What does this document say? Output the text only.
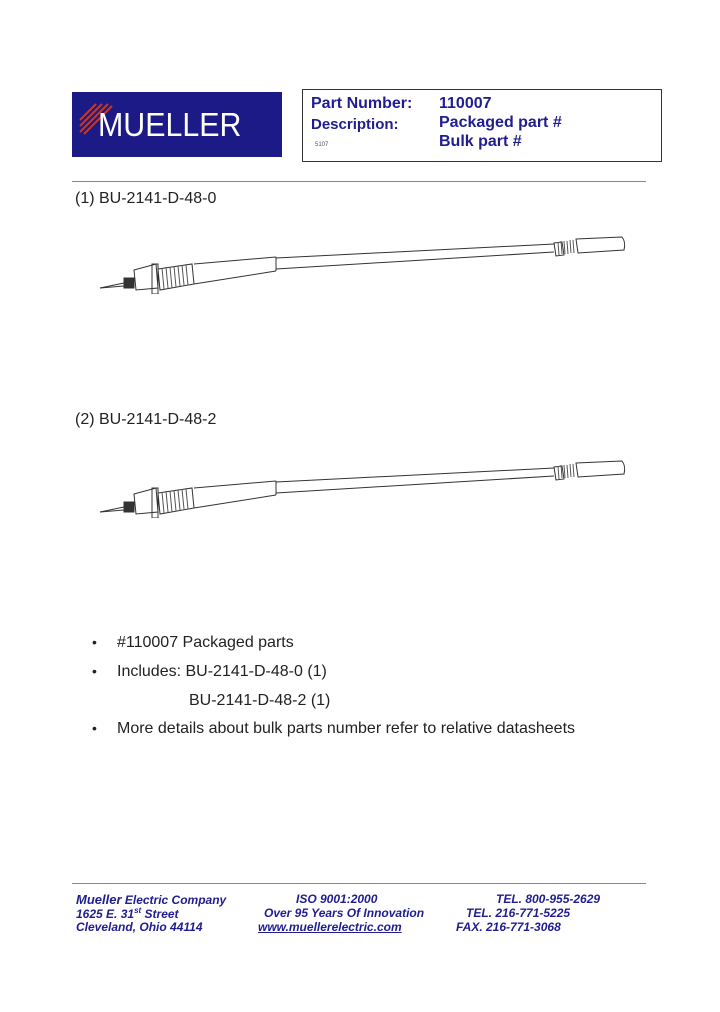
MUELLER
Part Number: 110007
Description:	Packaged part #
Bulk part #
5107
(1) BU-2141-D-48-0
(2) BU-2141-D-48-2
• #110007 Packaged parts
• Includes: BU-2141-D-48-0 (1)
BU-2141-D-48-2 (1)
• More details about bulk parts number refer to relative datasheets
Mueller Electric Company
1625 E. 31st Street
Cleveland, Ohio 44114
ISO 9001:2000
Over 95 Years Of Innovation
www.muellerelectric.com
TEL. 800-955-2629
TEL. 216-771-5225
FAX. 216-771-3068
